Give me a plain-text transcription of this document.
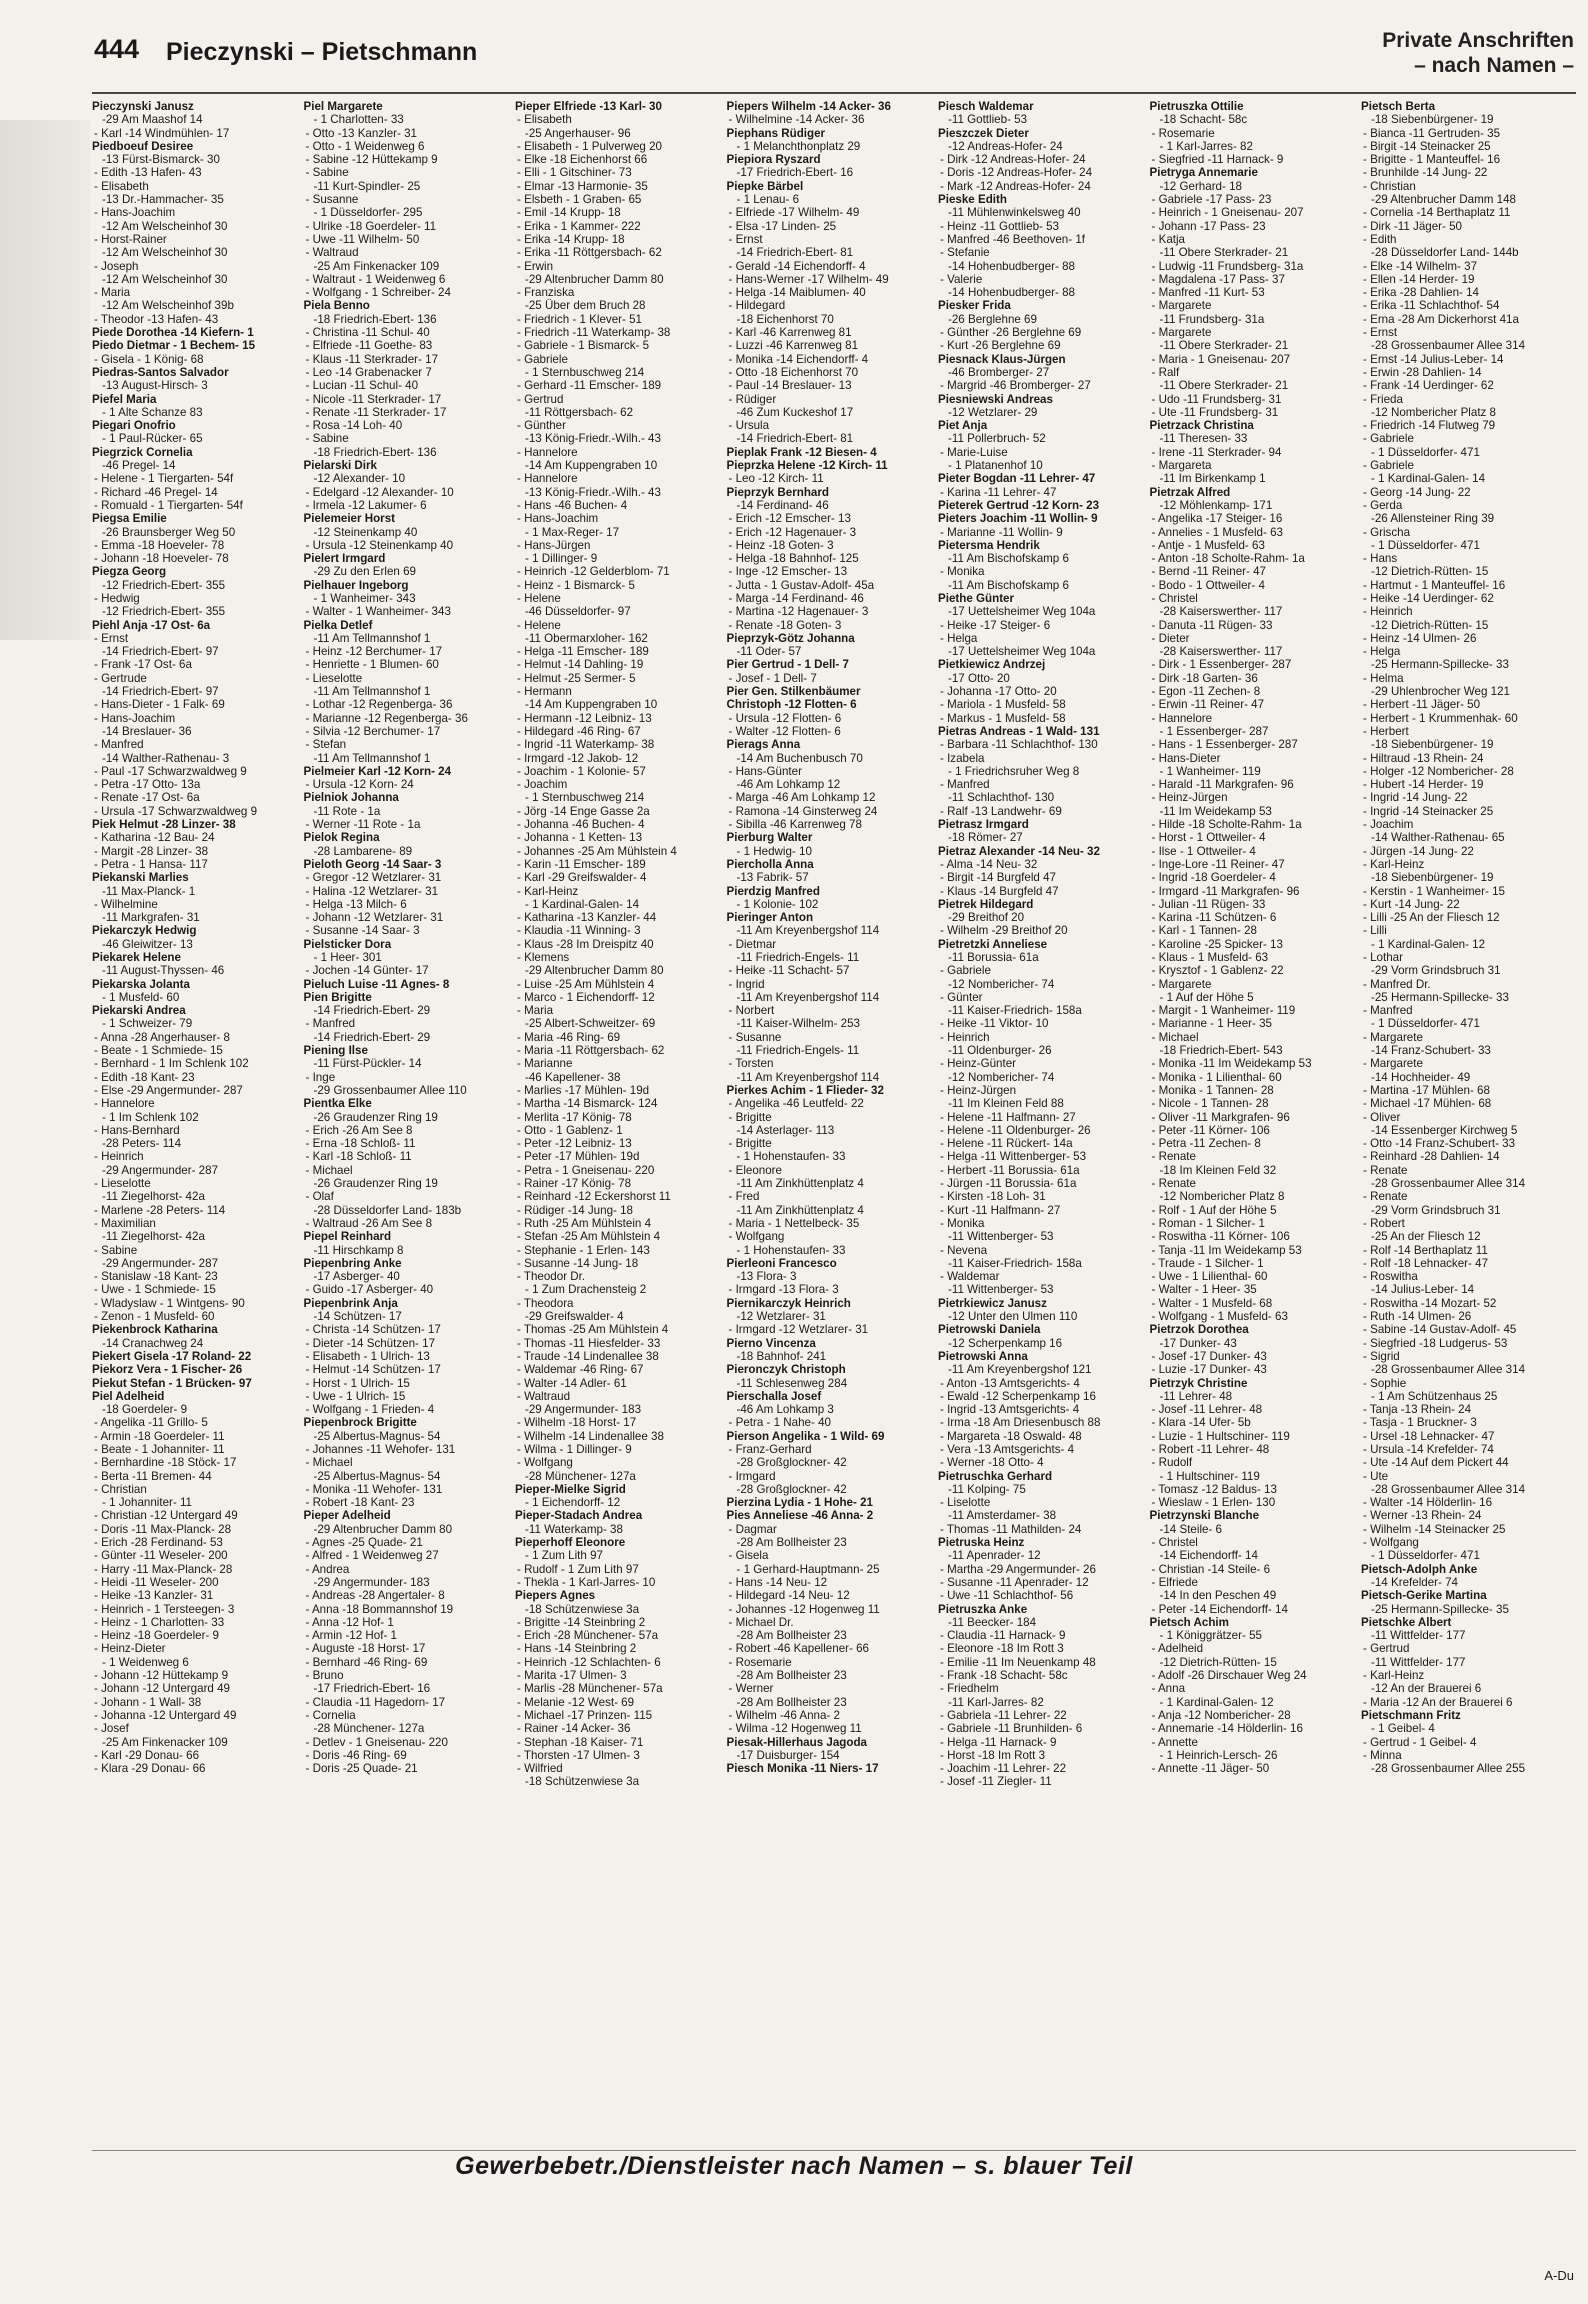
444 Pieczynski – Pietschmann	Private Anschriften
– nach Namen –
Pieczynski Janusz
-29 Am Maashof 14
- Karl -14 Windmühlen- 17
Piedboeuf Desiree
-13 Fürst-Bismarck- 30
- Edith -13 Hafen- 43
- Elisabeth
-13 Dr.-Hammacher- 35
- Hans-Joachim
-12 Am Welscheinhof 30
- Horst-Rainer
-12 Am Welscheinhof 30
- Joseph
-12 Am Welscheinhof 30
- Maria
-12 Am Welscheinhof 39b
- Theodor -13 Hafen- 43
Piede Dorothea -14 Kiefern- 1
Piedo Dietmar - 1 Bechem- 15
- Gisela - 1 König- 68
Piedras-Santos Salvador
-13 August-Hirsch- 3
Piefel Maria
- 1 Alte Schanze 83
Piegari Onofrio
- 1 Paul-Rücker- 65
Piegrzick Cornelia
-46 Pregel- 14
- Helene - 1 Tiergarten- 54f
- Richard -46 Pregel- 14
- Romuald - 1 Tiergarten- 54f
Piegsa Emilie
-26 Braunsberger Weg 50
- Emma -18 Hoeveler- 78
- Johann -18 Hoeveler- 78
Piegza Georg
-12 Friedrich-Ebert- 355
- Hedwig
-12 Friedrich-Ebert- 355
Piehl Anja -17 Ost- 6a
- Ernst
-14 Friedrich-Ebert- 97
- Frank -17 Ost- 6a
- Gertrude
-14 Friedrich-Ebert- 97
- Hans-Dieter - 1 Falk- 69
- Hans-Joachim
-14 Breslauer- 36
- Manfred
-14 Walther-Rathenau- 3
- Paul -17 Schwarzwaldweg 9
- Petra -17 Otto- 13a
- Renate -17 Ost- 6a
- Ursula -17 Schwarzwaldweg 9
Piek Helmut -28 Linzer- 38
- Katharina -12 Bau- 24
- Margit -28 Linzer- 38
- Petra - 1 Hansa- 117
Piekanski Marlies
-11 Max-Planck- 1
- Wilhelmine
-11 Markgrafen- 31
Piekarczyk Hedwig
-46 Gleiwitzer- 13
Piekarek Helene
-11 August-Thyssen- 46
Piekarska Jolanta
- 1 Musfeld- 60
Piekarski Andrea
- 1 Schweizer- 79
- Anna -28 Angerhauser- 8
- Beate - 1 Schmiede- 15
- Bernhard - 1 Im Schlenk 102
- Edith -18 Kant- 23
- Else -29 Angermunder- 287
- Hannelore
- 1 Im Schlenk 102
- Hans-Bernhard
-28 Peters- 114
- Heinrich
-29 Angermunder- 287
- Lieselotte
-11 Ziegelhorst- 42a
- Marlene -28 Peters- 114
- Maximilian
-11 Ziegelhorst- 42a
- Sabine
-29 Angermunder- 287
- Stanislaw -18 Kant- 23
- Uwe - 1 Schmiede- 15
- Wladyslaw - 1 Wintgens- 90
- Zenon - 1 Musfeld- 60
Piekenbrock Katharina
-14 Cranachweg 24
Piekert Gisela -17 Roland- 22
Piekorz Vera - 1 Fischer- 26
Piekut Stefan - 1 Brücken- 97
Piel Adelheid
-18 Goerdeler- 9
- Angelika -11 Grillo- 5
- Armin -18 Goerdeler- 11
- Beate - 1 Johanniter- 11
- Bernhardine -18 Stöck- 17
- Berta -11 Bremen- 44
- Christian
- 1 Johanniter- 11
- Christian -12 Untergard 49
- Doris -11 Max-Planck- 28
- Erich -28 Ferdinand- 53
- Günter -11 Weseler- 200
- Harry -11 Max-Planck- 28
- Heidi -11 Weseler- 200
- Heike -13 Kanzler- 31
- Heinrich - 1 Tersteegen- 3
- Heinz - 1 Charlotten- 33
- Heinz -18 Goerdeler- 9
- Heinz-Dieter
- 1 Weidenweg 6
- Johann -12 Hüttekamp 9
- Johann -12 Untergard 49
- Johann - 1 Wall- 38
- Johanna -12 Untergard 49
- Josef
-25 Am Finkenacker 109
- Karl -29 Donau- 66
- Klara -29 Donau- 66
Piel Margarete
- 1 Charlotten- 33
- Otto -13 Kanzler- 31
- Otto - 1 Weidenweg 6
- Sabine -12 Hüttekamp 9
- Sabine
-11 Kurt-Spindler- 25
- Susanne
- 1 Düsseldorfer- 295
- Ulrike -18 Goerdeler- 11
- Uwe -11 Wilhelm- 50
- Waltraud
-25 Am Finkenacker 109
- Waltraut - 1 Weidenweg 6
- Wolfgang - 1 Schreiber- 24
Piela Benno
-18 Friedrich-Ebert- 136
- Christina -11 Schul- 40
- Elfriede -11 Goethe- 83
- Klaus -11 Sterkrader- 17
- Leo -14 Grabenacker 7
- Lucian -11 Schul- 40
- Nicole -11 Sterkrader- 17
- Renate -11 Sterkrader- 17
- Rosa -14 Loh- 40
- Sabine
-18 Friedrich-Ebert- 136
Pielarski Dirk
-12 Alexander- 10
- Edelgard -12 Alexander- 10
- Irmela -12 Lakumer- 6
Pielemeier Horst
-12 Steinenkamp 40
- Ursula -12 Steinenkamp 40
Pielert Irmgard
-29 Zu den Erlen 69
Pielhauer Ingeborg
- 1 Wanheimer- 343
- Walter - 1 Wanheimer- 343
Pielka Detlef
-11 Am Tellmannshof 1
- Heinz -12 Berchumer- 17
- Henriette - 1 Blumen- 60
- Lieselotte
-11 Am Tellmannshof 1
- Lothar -12 Regenberga- 36
- Marianne -12 Regenberga- 36
- Silvia -12 Berchumer- 17
- Stefan
-11 Am Tellmannshof 1
Pielmeier Karl -12 Korn- 24
- Ursula -12 Korn- 24
Pielniok Johanna
-11 Rote - 1a
- Werner -11 Rote - 1a
Pielok Regina
-28 Lambarene- 89
Pieloth Georg -14 Saar- 3
- Gregor -12 Wetzlarer- 31
- Halina -12 Wetzlarer- 31
- Helga -13 Milch- 6
- Johann -12 Wetzlarer- 31
- Susanne -14 Saar- 3
Pielsticker Dora
- 1 Heer- 301
- Jochen -14 Günter- 17
Pieluch Luise -11 Agnes- 8
Pien Brigitte
-14 Friedrich-Ebert- 29
- Manfred
-14 Friedrich-Ebert- 29
Piening Ilse
-11 Fürst-Pückler- 14
- Inge
-29 Grossenbaumer Allee 110
Pientka Elke
-26 Graudenzer Ring 19
- Erich -26 Am See 8
- Erna -18 Schloß- 11
- Karl -18 Schloß- 11
- Michael
-26 Graudenzer Ring 19
- Olaf
-28 Düsseldorfer Land- 183b
- Waltraud -26 Am See 8
Piepel Reinhard
-11 Hirschkamp 8
Piepenbring Anke
-17 Asberger- 40
- Guido -17 Asberger- 40
Piepenbrink Anja
-14 Schützen- 17
- Christa -14 Schützen- 17
- Dieter -14 Schützen- 17
- Elisabeth - 1 Ulrich- 13
- Helmut -14 Schützen- 17
- Horst - 1 Ulrich- 15
- Uwe - 1 Ulrich- 15
- Wolfgang - 1 Frieden- 4
Piepenbrock Brigitte
-25 Albertus-Magnus- 54
- Johannes -11 Wehofer- 131
- Michael
-25 Albertus-Magnus- 54
- Monika -11 Wehofer- 131
- Robert -18 Kant- 23
Pieper Adelheid
-29 Altenbrucher Damm 80
- Agnes -25 Quade- 21
- Alfred - 1 Weidenweg 27
- Andrea
-29 Angermunder- 183
- Andreas -28 Angertaler- 8
- Anna -18 Bommannshof 19
- Anna -12 Hof- 1
- Armin -12 Hof- 1
- Auguste -18 Horst- 17
- Bernhard -46 Ring- 69
- Bruno
-17 Friedrich-Ebert- 16
- Claudia -11 Hagedorn- 17
- Cornelia
-28 Münchener- 127a
- Detlev - 1 Gneisenau- 220
- Doris -46 Ring- 69
- Doris -25 Quade- 21
Pieper Elfriede -13 Karl- 30
- Elisabeth
-25 Angerhauser- 96
- Elisabeth - 1 Pulverweg 20
- Elke -18 Eichenhorst 66
- Elli - 1 Gitschiner- 73
- Elmar -13 Harmonie- 35
- Elsbeth - 1 Graben- 65
- Emil -14 Krupp- 18
- Erika - 1 Kammer- 222
- Erika -14 Krupp- 18
- Erika -11 Röttgersbach- 62
- Erwin
-29 Altenbrucher Damm 80
- Franziska
-25 Über dem Bruch 28
- Friedrich - 1 Klever- 51
- Friedrich -11 Waterkamp- 38
- Gabriele - 1 Bismarck- 5
- Gabriele
- 1 Sternbuschweg 214
- Gerhard -11 Emscher- 189
- Gertrud
-11 Röttgersbach- 62
- Günther
-13 König-Friedr.-Wilh.- 43
- Hannelore
-14 Am Kuppengraben 10
- Hannelore
-13 König-Friedr.-Wilh.- 43
- Hans -46 Buchen- 4
- Hans-Joachim
- 1 Max-Reger- 17
- Hans-Jürgen
- 1 Dillinger- 9
- Heinrich -12 Gelderblom- 71
- Heinz - 1 Bismarck- 5
- Helene
-46 Düsseldorfer- 97
- Helene
-11 Obermarxloher- 162
- Helga -11 Emscher- 189
- Helmut -14 Dahling- 19
- Helmut -25 Sermer- 5
- Hermann
-14 Am Kuppengraben 10
- Hermann -12 Leibniz- 13
- Hildegard -46 Ring- 67
- Ingrid -11 Waterkamp- 38
- Irmgard -12 Jakob- 12
- Joachim - 1 Kolonie- 57
- Joachim
- 1 Sternbuschweg 214
- Jörg -14 Enge Gasse 2a
- Johanna -46 Buchen- 4
- Johanna - 1 Ketten- 13
- Johannes -25 Am Mühlstein 4
- Karin -11 Emscher- 189
- Karl -29 Greifswalder- 4
- Karl-Heinz
- 1 Kardinal-Galen- 14
- Katharina -13 Kanzler- 44
- Klaudia -11 Winning- 3
- Klaus -28 Im Dreispitz 40
- Klemens
-29 Altenbrucher Damm 80
- Luise -25 Am Mühlstein 4
- Marco - 1 Eichendorff- 12
- Maria
-25 Albert-Schweitzer- 69
- Maria -46 Ring- 69
- Maria -11 Röttgersbach- 62
- Marianne
-46 Kapellener- 38
- Marlies -17 Mühlen- 19d
- Martha -14 Bismarck- 124
- Merlita -17 König- 78
- Otto - 1 Gablenz- 1
- Peter -12 Leibniz- 13
- Peter -17 Mühlen- 19d
- Petra - 1 Gneisenau- 220
- Rainer -17 König- 78
- Reinhard -12 Eckershorst 11
- Rüdiger -14 Jung- 18
- Ruth -25 Am Mühlstein 4
- Stefan -25 Am Mühlstein 4
- Stephanie - 1 Erlen- 143
- Susanne -14 Jung- 18
- Theodor Dr.
- 1 Zum Drachensteig 2
- Theodora
-29 Greifswalder- 4
- Thomas -25 Am Mühlstein 4
- Thomas -11 Hiesfelder- 33
- Traude -14 Lindenallee 38
- Waldemar -46 Ring- 67
- Walter -14 Adler- 61
- Waltraud
-29 Angermunder- 183
- Wilhelm -18 Horst- 17
- Wilhelm -14 Lindenallee 38
- Wilma - 1 Dillinger- 9
- Wolfgang
-28 Münchener- 127a
Pieper-Mielke Sigrid
- 1 Eichendorff- 12
Pieper-Stadach Andrea
-11 Waterkamp- 38
Pieperhoff Eleonore
- 1 Zum Lith 97
- Rudolf - 1 Zum Lith 97
- Thekla - 1 Karl-Jarres- 10
Piepers Agnes
-18 Schützenwiese 3a
- Brigitte -14 Steinbring 2
- Erich -28 Münchener- 57a
- Hans -14 Steinbring 2
- Heinrich -12 Schlachten- 6
- Marita -17 Ulmen- 3
- Marlis -28 Münchener- 57a
- Melanie -12 West- 69
- Michael -17 Prinzen- 115
- Rainer -14 Acker- 36
- Stephan -18 Kaiser- 71
- Thorsten -17 Ulmen- 3
- Wilfried
-18 Schützenwiese 3a
Piepers Wilhelm -14 Acker- 36
- Wilhelmine -14 Acker- 36
Piephans Rüdiger
- 1 Melanchthonplatz 29
Piepiora Ryszard
-17 Friedrich-Ebert- 16
Piepke Bärbel
- 1 Lenau- 6
- Elfriede -17 Wilhelm- 49
- Elsa -17 Linden- 25
- Ernst
-14 Friedrich-Ebert- 81
- Gerald -14 Eichendorff- 4
- Hans-Werner -17 Wilhelm- 49
- Helga -14 Maiblumen- 40
- Hildegard
-18 Eichenhorst 70
- Karl -46 Karrenweg 81
- Luzzi -46 Karrenweg 81
- Monika -14 Eichendorff- 4
- Otto -18 Eichenhorst 70
- Paul -14 Breslauer- 13
- Rüdiger
-46 Zum Kuckeshof 17
- Ursula
-14 Friedrich-Ebert- 81
Pieplak Frank -12 Biesen- 4
Pieprzka Helene -12 Kirch- 11
- Leo -12 Kirch- 11
Pieprzyk Bernhard
-14 Ferdinand- 46
- Erich -12 Emscher- 13
- Erich -12 Hagenauer- 3
- Heinz -18 Goten- 3
- Helga -18 Bahnhof- 125
- Inge -12 Emscher- 13
- Jutta - 1 Gustav-Adolf- 45a
- Marga -14 Ferdinand- 46
- Martina -12 Hagenauer- 3
- Renate -18 Goten- 3
Pieprzyk-Götz Johanna
-11 Oder- 57
Pier Gertrud - 1 Dell- 7
- Josef - 1 Dell- 7
Pier Gen. Stilkenbäumer
Christoph -12 Flotten- 6
- Ursula -12 Flotten- 6
- Walter -12 Flotten- 6
Pierags Anna
-14 Am Buchenbusch 70
- Hans-Günter
-46 Am Lohkamp 12
- Marga -46 Am Lohkamp 12
- Ramona -14 Ginsterweg 24
- Sibilla -46 Karrenweg 78
Pierburg Walter
- 1 Hedwig- 10
Piercholla Anna
-13 Fabrik- 57
Pierdzig Manfred
- 1 Kolonie- 102
Pieringer Anton
-11 Am Kreyenbergshof 114
- Dietmar
-11 Friedrich-Engels- 11
- Heike -11 Schacht- 57
- Ingrid
-11 Am Kreyenbergshof 114
- Norbert
-11 Kaiser-Wilhelm- 253
- Susanne
-11 Friedrich-Engels- 11
- Torsten
-11 Am Kreyenbergshof 114
Pierkes Achim - 1 Flieder- 32
- Angelika -46 Leutfeld- 22
- Brigitte
-14 Asterlager- 113
- Brigitte
- 1 Hohenstaufen- 33
- Eleonore
-11 Am Zinkhüttenplatz 4
- Fred
-11 Am Zinkhüttenplatz 4
- Maria - 1 Nettelbeck- 35
- Wolfgang
- 1 Hohenstaufen- 33
Pierleoni Francesco
-13 Flora- 3
- Irmgard -13 Flora- 3
Piernikarczyk Heinrich
-12 Wetzlarer- 31
- Irmgard -12 Wetzlarer- 31
Pierno Vincenza
-18 Bahnhof- 241
Pieronczyk Christoph
-11 Schlesenweg 284
Pierschalla Josef
-46 Am Lohkamp 3
- Petra - 1 Nahe- 40
Pierson Angelika - 1 Wild- 69
- Franz-Gerhard
-28 Großglockner- 42
- Irmgard
-28 Großglockner- 42
Pierzina Lydia - 1 Hohe- 21
Pies Anneliese -46 Anna- 2
- Dagmar
-28 Am Bollheister 23
- Gisela
- 1 Gerhard-Hauptmann- 25
- Hans -14 Neu- 12
- Hildegard -14 Neu- 12
- Johannes -12 Hogenweg 11
- Michael Dr.
-28 Am Bollheister 23
- Robert -46 Kapellener- 66
- Rosemarie
-28 Am Bollheister 23
- Werner
-28 Am Bollheister 23
- Wilhelm -46 Anna- 2
- Wilma -12 Hogenweg 11
Piesak-Hillerhaus Jagoda
-17 Duisburger- 154
Piesch Monika -11 Niers- 17
Piesch Waldemar
-11 Gottlieb- 53
Pieszczek Dieter
-12 Andreas-Hofer- 24
- Dirk -12 Andreas-Hofer- 24
- Doris -12 Andreas-Hofer- 24
- Mark -12 Andreas-Hofer- 24
Pieske Edith
-11 Mühlenwinkelsweg 40
- Heinz -11 Gottlieb- 53
- Manfred -46 Beethoven- 1f
- Stefanie
-14 Hohenbudberger- 88
- Valerie
-14 Hohenbudberger- 88
Piesker Frida
-26 Berglehne 69
- Günther -26 Berglehne 69
- Kurt -26 Berglehne 69
Piesnack Klaus-Jürgen
-46 Bromberger- 27
- Margrid -46 Bromberger- 27
Piesniewski Andreas
-12 Wetzlarer- 29
Piet Anja
-11 Pollerbruch- 52
- Marie-Luise
- 1 Platanenhof 10
Pieter Bogdan -11 Lehrer- 47
- Karina -11 Lehrer- 47
Pieterek Gertrud -12 Korn- 23
Pieters Joachim -11 Wollin- 9
- Marianne -11 Wollin- 9
Pietersma Hendrik
-11 Am Bischofskamp 6
- Monika
-11 Am Bischofskamp 6
Piethe Günter
-17 Uettelsheimer Weg 104a
- Heike -17 Steiger- 6
- Helga
-17 Uettelsheimer Weg 104a
Pietkiewicz Andrzej
-17 Otto- 20
- Johanna -17 Otto- 20
- Mariola - 1 Musfeld- 58
- Markus - 1 Musfeld- 58
Pietras Andreas - 1 Wald- 131
- Barbara -11 Schlachthof- 130
- Izabela
- 1 Friedrichsruher Weg 8
- Manfred
-11 Schlachthof- 130
- Ralf -13 Landwehr- 69
Pietrasz Irmgard
-18 Römer- 27
Pietraz Alexander -14 Neu- 32
- Alma -14 Neu- 32
- Birgit -14 Burgfeld 47
- Klaus -14 Burgfeld 47
Pietrek Hildegard
-29 Breithof 20
- Wilhelm -29 Breithof 20
Pietretzki Anneliese
-11 Borussia- 61a
- Gabriele
-12 Nombericher- 74
- Günter
-11 Kaiser-Friedrich- 158a
- Heike -11 Viktor- 10
- Heinrich
-11 Oldenburger- 26
- Heinz-Günter
-12 Nombericher- 74
- Heinz-Jürgen
-11 Im Kleinen Feld 88
- Helene -11 Halfmann- 27
- Helene -11 Oldenburger- 26
- Helene -11 Rückert- 14a
- Helga -11 Wittenberger- 53
- Herbert -11 Borussia- 61a
- Jürgen -11 Borussia- 61a
- Kirsten -18 Loh- 31
- Kurt -11 Halfmann- 27
- Monika
-11 Wittenberger- 53
- Nevena
-11 Kaiser-Friedrich- 158a
- Waldemar
-11 Wittenberger- 53
Pietrkiewicz Janusz
-12 Unter den Ulmen 110
Pietrowski Daniela
-12 Scherpenkamp 16
Pietrowski Anna
-11 Am Kreyenbergshof 121
- Anton -13 Amtsgerichts- 4
- Ewald -12 Scherpenkamp 16
- Ingrid -13 Amtsgerichts- 4
- Irma -18 Am Driesenbusch 88
- Margareta -18 Oswald- 48
- Vera -13 Amtsgerichts- 4
- Werner -18 Otto- 4
Pietruschka Gerhard
-11 Kolping- 75
- Liselotte
-11 Amsterdamer- 38
- Thomas -11 Mathilden- 24
Pietruska Heinz
-11 Apenrader- 12
- Martha -29 Angermunder- 26
- Susanne -11 Apenrader- 12
- Uwe -11 Schlachthof- 56
Pietruszka Anke
-11 Beecker- 184
- Claudia -11 Harnack- 9
- Eleonore -18 Im Rott 3
- Emilie -11 Im Neuenkamp 48
- Frank -18 Schacht- 58c
- Friedhelm
-11 Karl-Jarres- 82
- Gabriela -11 Lehrer- 22
- Gabriele -11 Brunhilden- 6
- Helga -11 Harnack- 9
- Horst -18 Im Rott 3
- Joachim -11 Lehrer- 22
- Josef -11 Ziegler- 11
Pietruszka Ottilie
-18 Schacht- 58c
- Rosemarie
- 1 Karl-Jarres- 82
- Siegfried -11 Harnack- 9
Pietryga Annemarie
-12 Gerhard- 18
- Gabriele -17 Pass- 23
- Heinrich - 1 Gneisenau- 207
- Johann -17 Pass- 23
- Katja
-11 Obere Sterkrader- 21
- Ludwig -11 Frundsberg- 31a
- Magdalena -17 Pass- 37
- Manfred -11 Kurt- 53
- Margarete
-11 Frundsberg- 31a
- Margarete
-11 Obere Sterkrader- 21
- Maria - 1 Gneisenau- 207
- Ralf
-11 Obere Sterkrader- 21
- Udo -11 Frundsberg- 31
- Ute -11 Frundsberg- 31
Pietrzack Christina
-11 Theresen- 33
- Irene -11 Sterkrader- 94
- Margareta
-11 Im Birkenkamp 1
Pietrzak Alfred
-12 Möhlenkamp- 171
- Angelika -17 Steiger- 16
- Annelies - 1 Musfeld- 63
- Antje - 1 Musfeld- 63
- Anton -18 Scholte-Rahm- 1a
- Bernd -11 Reiner- 47
- Bodo - 1 Ottweiler- 4
- Christel
-28 Kaiserswerther- 117
- Danuta -11 Rügen- 33
- Dieter
-28 Kaiserswerther- 117
- Dirk - 1 Essenberger- 287
- Dirk -18 Garten- 36
- Egon -11 Zechen- 8
- Erwin -11 Reiner- 47
- Hannelore
- 1 Essenberger- 287
- Hans - 1 Essenberger- 287
- Hans-Dieter
- 1 Wanheimer- 119
- Harald -11 Markgrafen- 96
- Heinz-Jürgen
-11 Im Weidekamp 53
- Hilde -18 Scholte-Rahm- 1a
- Horst - 1 Ottweiler- 4
- Ilse - 1 Ottweiler- 4
- Inge-Lore -11 Reiner- 47
- Ingrid -18 Goerdeler- 4
- Irmgard -11 Markgrafen- 96
- Julian -11 Rügen- 33
- Karina -11 Schützen- 6
- Karl - 1 Tannen- 28
- Karoline -25 Spicker- 13
- Klaus - 1 Musfeld- 63
- Krysztof - 1 Gablenz- 22
- Margarete
- 1 Auf der Höhe 5
- Margit - 1 Wanheimer- 119
- Marianne - 1 Heer- 35
- Michael
-18 Friedrich-Ebert- 543
- Monika -11 Im Weidekamp 53
- Monika - 1 Lilienthal- 60
- Monika - 1 Tannen- 28
- Nicole - 1 Tannen- 28
- Oliver -11 Markgrafen- 96
- Peter -11 Körner- 106
- Petra -11 Zechen- 8
- Renate
-18 Im Kleinen Feld 32
- Renate
-12 Nombericher Platz 8
- Rolf - 1 Auf der Höhe 5
- Roman - 1 Silcher- 1
- Roswitha -11 Körner- 106
- Tanja -11 Im Weidekamp 53
- Traude - 1 Silcher- 1
- Uwe - 1 Lilienthal- 60
- Walter - 1 Heer- 35
- Walter - 1 Musfeld- 68
- Wolfgang - 1 Musfeld- 63
Pietrzok Dorothea
-17 Dunker- 43
- Josef -17 Dunker- 43
- Luzie -17 Dunker- 43
Pietrzyk Christine
-11 Lehrer- 48
- Josef -11 Lehrer- 48
- Klara -14 Ufer- 5b
- Luzie - 1 Hultschiner- 119
- Robert -11 Lehrer- 48
- Rudolf
- 1 Hultschiner- 119
- Tomasz -12 Baldus- 13
- Wieslaw - 1 Erlen- 130
Pietrzynski Blanche
-14 Steile- 6
- Christel
-14 Eichendorff- 14
- Christian -14 Steile- 6
- Elfriede
-14 In den Peschen 49
- Peter -14 Eichendorff- 14
Pietsch Achim
- 1 Königgrätzer- 55
- Adelheid
-12 Dietrich-Rütten- 15
- Adolf -26 Dirschauer Weg 24
- Anna
- 1 Kardinal-Galen- 12
- Anja -12 Nombericher- 28
- Annemarie -14 Hölderlin- 16
- Annette
- 1 Heinrich-Lersch- 26
- Annette -11 Jäger- 50
Pietsch Berta
-18 Siebenbürgener- 19
- Bianca -11 Gertruden- 35
- Birgit -14 Steinacker 25
- Brigitte - 1 Manteuffel- 16
- Brunhilde -14 Jung- 22
- Christian
-29 Altenbrucher Damm 148
- Cornelia -14 Berthaplatz 11
- Dirk -11 Jäger- 50
- Edith
-28 Düsseldorfer Land- 144b
- Elke -14 Wilhelm- 37
- Ellen -14 Herder- 19
- Erika -28 Dahlien- 14
- Erika -11 Schlachthof- 54
- Erna -28 Am Dickerhorst 41a
- Ernst
-28 Grossenbaumer Allee 314
- Ernst -14 Julius-Leber- 14
- Erwin -28 Dahlien- 14
- Frank -14 Uerdinger- 62
- Frieda
-12 Nombericher Platz 8
- Friedrich -14 Flutweg 79
- Gabriele
- 1 Düsseldorfer- 471
- Gabriele
- 1 Kardinal-Galen- 14
- Georg -14 Jung- 22
- Gerda
-26 Allensteiner Ring 39
- Grischa
- 1 Düsseldorfer- 471
- Hans
-12 Dietrich-Rütten- 15
- Hartmut - 1 Manteuffel- 16
- Heike -14 Uerdinger- 62
- Heinrich
-12 Dietrich-Rütten- 15
- Heinz -14 Ulmen- 26
- Helga
-25 Hermann-Spillecke- 33
- Helma
-29 Uhlenbrocher Weg 121
- Herbert -11 Jäger- 50
- Herbert - 1 Krummenhak- 60
- Herbert
-18 Siebenbürgener- 19
- Hiltraud -13 Rhein- 24
- Holger -12 Nombericher- 28
- Hubert -14 Herder- 19
- Ingrid -14 Jung- 22
- Ingrid -14 Steinacker 25
- Joachim
-14 Walther-Rathenau- 65
- Jürgen -14 Jung- 22
- Karl-Heinz
-18 Siebenbürgener- 19
- Kerstin - 1 Wanheimer- 15
- Kurt -14 Jung- 22
- Lilli -25 An der Fliesch 12
- Lilli
- 1 Kardinal-Galen- 12
- Lothar
-29 Vorm Grindsbruch 31
- Manfred Dr.
-25 Hermann-Spillecke- 33
- Manfred
- 1 Düsseldorfer- 471
- Margarete
-14 Franz-Schubert- 33
- Margarete
-14 Hochheider- 49
- Martina -17 Mühlen- 68
- Michael -17 Mühlen- 68
- Oliver
-14 Essenberger Kirchweg 5
- Otto -14 Franz-Schubert- 33
- Reinhard -28 Dahlien- 14
- Renate
-28 Grossenbaumer Allee 314
- Renate
-29 Vorm Grindsbruch 31
- Robert
-25 An der Fliesch 12
- Rolf -14 Berthaplatz 11
- Rolf -18 Lehnacker- 47
- Roswitha
-14 Julius-Leber- 14
- Roswitha -14 Mozart- 52
- Ruth -14 Ulmen- 26
- Sabine -14 Gustav-Adolf- 45
- Siegfried -18 Ludgerus- 53
- Sigrid
-28 Grossenbaumer Allee 314
- Sophie
- 1 Am Schützenhaus 25
- Tanja -13 Rhein- 24
- Tasja - 1 Bruckner- 3
- Ursel -18 Lehnacker- 47
- Ursula -14 Krefelder- 74
- Ute -14 Auf dem Pickert 44
- Ute
-28 Grossenbaumer Allee 314
- Walter -14 Hölderlin- 16
- Werner -13 Rhein- 24
- Wilhelm -14 Steinacker 25
- Wolfgang
- 1 Düsseldorfer- 471
Pietsch-Adolph Anke
-14 Krefelder- 74
Pietsch-Gerike Martina
-25 Hermann-Spillecke- 35
Pietschke Albert
-11 Wittfelder- 177
- Gertrud
-11 Wittfelder- 177
- Karl-Heinz
-12 An der Brauerei 6
- Maria -12 An der Brauerei 6
Pietschmann Fritz
- 1 Geibel- 4
- Gertrud - 1 Geibel- 4
- Minna
-28 Grossenbaumer Allee 255
Gewerbebetr./Dienstleister nach Namen – s. blauer Teil
A-Du
